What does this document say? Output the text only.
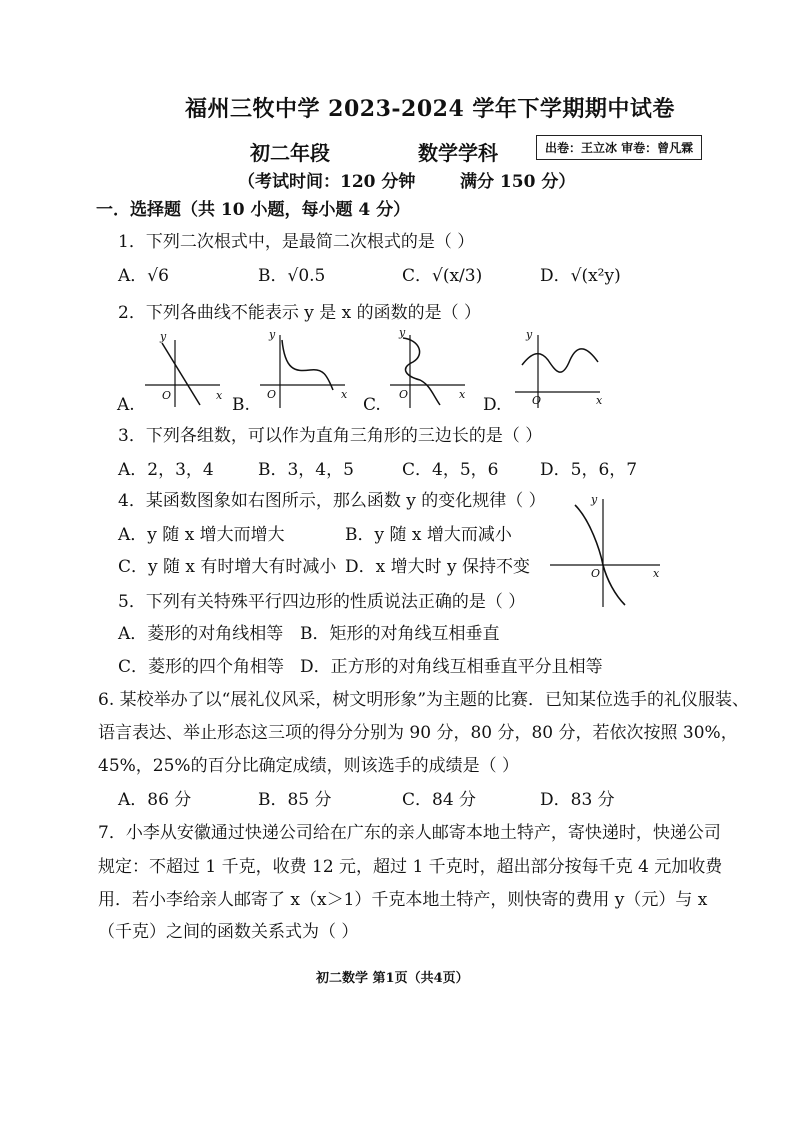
福州三牧中学 2023-2024 学年下学期期中试卷
初二年段	数学学科	出卷：王立冰 审卷：曾凡霖
（考试时间：120 分钟	满分 150 分）
一．选择题（共 10 小题，每小题 4 分）
1．下列二次根式中，是最简二次根式的是（ ）
A．√6	B．√0.5	C．√(x/3)	D．√(x²y)
2．下列各曲线不能表示 y 是 x 的函数的是（ ）
A.
y
O	x B.
y
O	x
C.
y
O	x
D.
y
O	x
3．下列各组数，可以作为直角三角形的三边长的是（ ）
A．2，3，4	B．3，4，5	C．4，5，6 D．5，6，7
4．某函数图象如右图所示，那么函数 y 的变化规律（ ）
A．y 随 x 增大而增大	B．y 随 x 增大而减小
C．y 随 x 有时增大有时减小 D．x 增大时 y 保持不变
y
O	x
5．下列有关特殊平行四边形的性质说法正确的是（ ）
A．菱形的对角线相等 B．矩形的对角线互相垂直
C．菱形的四个角相等 D．正方形的对角线互相垂直平分且相等
6. 某校举办了以“展礼仪风采，树文明形象”为主题的比赛．已知某位选手的礼仪服装、
语言表达、举止形态这三项的得分分别为 90 分，80 分，80 分，若依次按照 30%，
45%，25%的百分比确定成绩，则该选手的成绩是（ ）
A．86 分	B．85 分	C．84 分	D．83 分
7．小李从安徽通过快递公司给在广东的亲人邮寄本地土特产，寄快递时，快递公司
规定：不超过 1 千克，收费 12 元，超过 1 千克时，超出部分按每千克 4 元加收费
用．若小李给亲人邮寄了 x（x＞1）千克本地土特产，则快寄的费用 y（元）与 x
（千克）之间的函数关系式为（ ）
初二数学 第1页（共4页）
